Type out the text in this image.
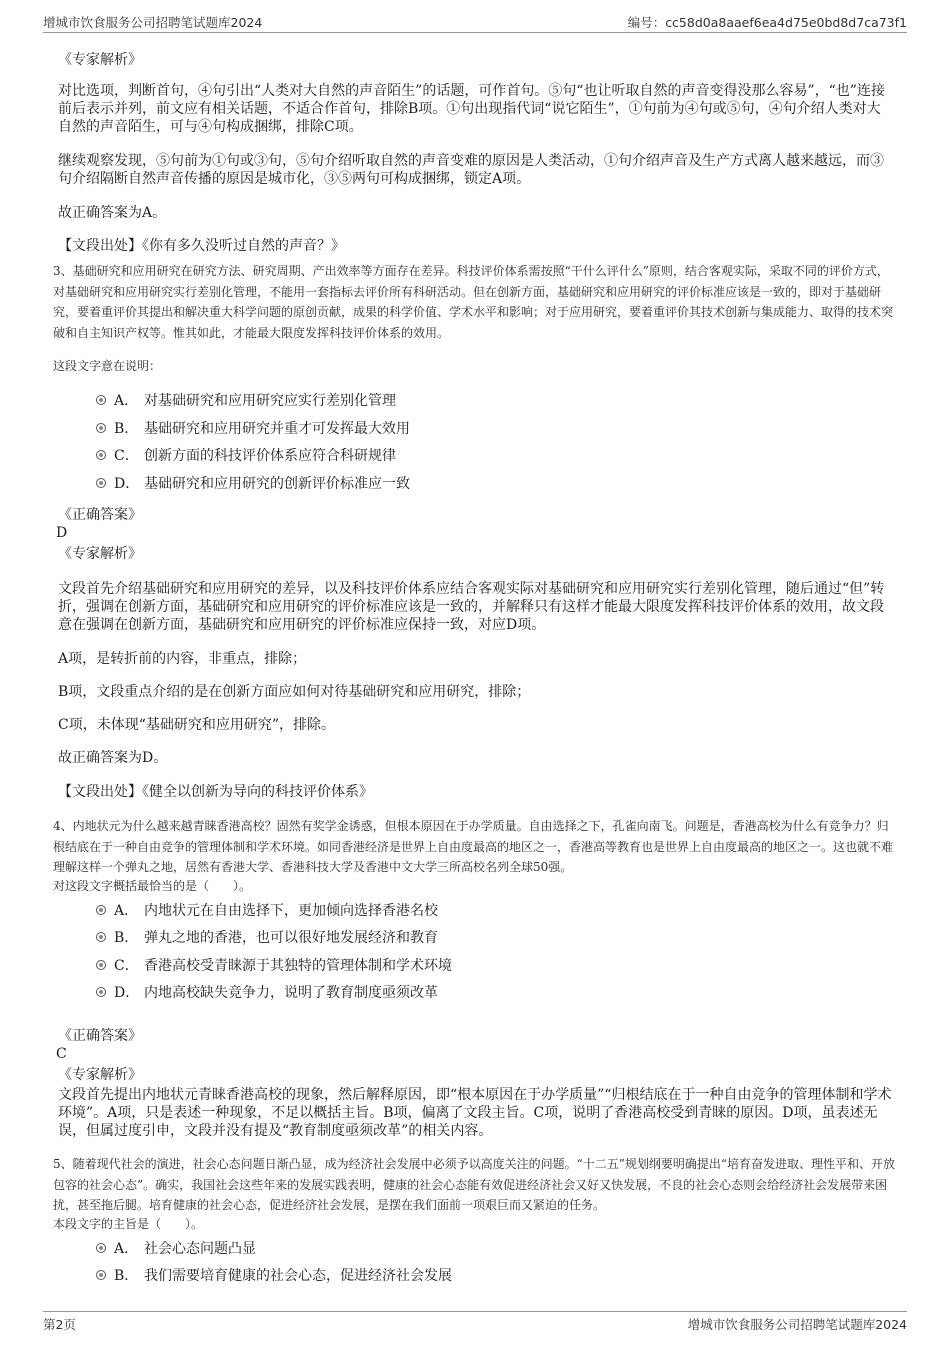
增城市饮食服务公司招聘笔试题库2024	编号：cc58d0a8aaef6ea4d75e0bd8d7ca73f1

《专家解析》

对比选项，判断首句，④句引出“人类对大自然的声音陌生”的话题，可作首句。⑤句“也让听取自然的声音变得没那么容易”，“也”连接前后表示并列，前文应有相关话题，不适合作首句，排除B项。①句出现指代词“说它陌生”，①句前为④句或⑤句，④句介绍人类对大自然的声音陌生，可与④句构成捆绑，排除C项。

继续观察发现，⑤句前为①句或③句，⑤句介绍听取自然的声音变难的原因是人类活动，①句介绍声音及生产方式离人越来越远，而③句介绍隔断自然声音传播的原因是城市化，③⑤两句可构成捆绑，锁定A项。

故正确答案为A。

【文段出处】《你有多久没听过自然的声音？》

3、基础研究和应用研究在研究方法、研究周期、产出效率等方面存在差异。科技评价体系需按照“干什么评什么”原则，结合客观实际，采取不同的评价方式，对基础研究和应用研究实行差别化管理，不能用一套指标去评价所有科研活动。但在创新方面，基础研究和应用研究的评价标准应该是一致的，即对于基础研究，要着重评价其提出和解决重大科学问题的原创贡献，成果的科学价值、学术水平和影响；对于应用研究，要着重评价其技术创新与集成能力、取得的技术突破和自主知识产权等。惟其如此，才能最大限度发挥科技评价体系的效用。

这段文字意在说明：

A． 对基础研究和应用研究应实行差别化管理
B． 基础研究和应用研究并重才可发挥最大效用
C． 创新方面的科技评价体系应符合科研规律
D． 基础研究和应用研究的创新评价标准应一致

《正确答案》

D

《专家解析》

文段首先介绍基础研究和应用研究的差异，以及科技评价体系应结合客观实际对基础研究和应用研究实行差别化管理，随后通过“但”转折，强调在创新方面，基础研究和应用研究的评价标准应该是一致的，并解释只有这样才能最大限度发挥科技评价体系的效用，故文段意在强调在创新方面，基础研究和应用研究的评价标准应保持一致，对应D项。

A项，是转折前的内容，非重点，排除；

B项，文段重点介绍的是在创新方面应如何对待基础研究和应用研究，排除；

C项，未体现“基础研究和应用研究”，排除。

故正确答案为D。

【文段出处】《健全以创新为导向的科技评价体系》

4、内地状元为什么越来越青睐香港高校？固然有奖学金诱惑，但根本原因在于办学质量。自由选择之下，孔雀向南飞。问题是，香港高校为什么有竞争力？归根结底在于一种自由竞争的管理体制和学术环境。如同香港经济是世界上自由度最高的地区之一，香港高等教育也是世界上自由度最高的地区之一。这也就不难理解这样一个弹丸之地，居然有香港大学、香港科技大学及香港中文大学三所高校名列全球50强。

对这段文字概括最恰当的是（　　）。

A． 内地状元在自由选择下，更加倾向选择香港名校
B． 弹丸之地的香港，也可以很好地发展经济和教育
C． 香港高校受青睐源于其独特的管理体制和学术环境
D． 内地高校缺失竞争力，说明了教育制度亟须改革

《正确答案》

C

《专家解析》

文段首先提出内地状元青睐香港高校的现象，然后解释原因，即“根本原因在于办学质量”“归根结底在于一种自由竞争的管理体制和学术环境”。A项，只是表述一种现象，不足以概括主旨。B项，偏离了文段主旨。C项，说明了香港高校受到青睐的原因。D项，虽表述无误，但属过度引申，文段并没有提及“教育制度亟须改革”的相关内容。

5、随着现代社会的演进，社会心态问题日渐凸显，成为经济社会发展中必须予以高度关注的问题。“十二五”规划纲要明确提出“培育奋发进取、理性平和、开放包容的社会心态”。确实，我国社会这些年来的发展实践表明，健康的社会心态能有效促进经济社会又好又快发展，不良的社会心态则会给经济社会发展带来困扰，甚至拖后腿。培育健康的社会心态，促进经济社会发展，是摆在我们面前一项艰巨而又紧迫的任务。

本段文字的主旨是（　　）。

A． 社会心态问题凸显
B． 我们需要培育健康的社会心态，促进经济社会发展
第2页	增城市饮食服务公司招聘笔试题库2024
